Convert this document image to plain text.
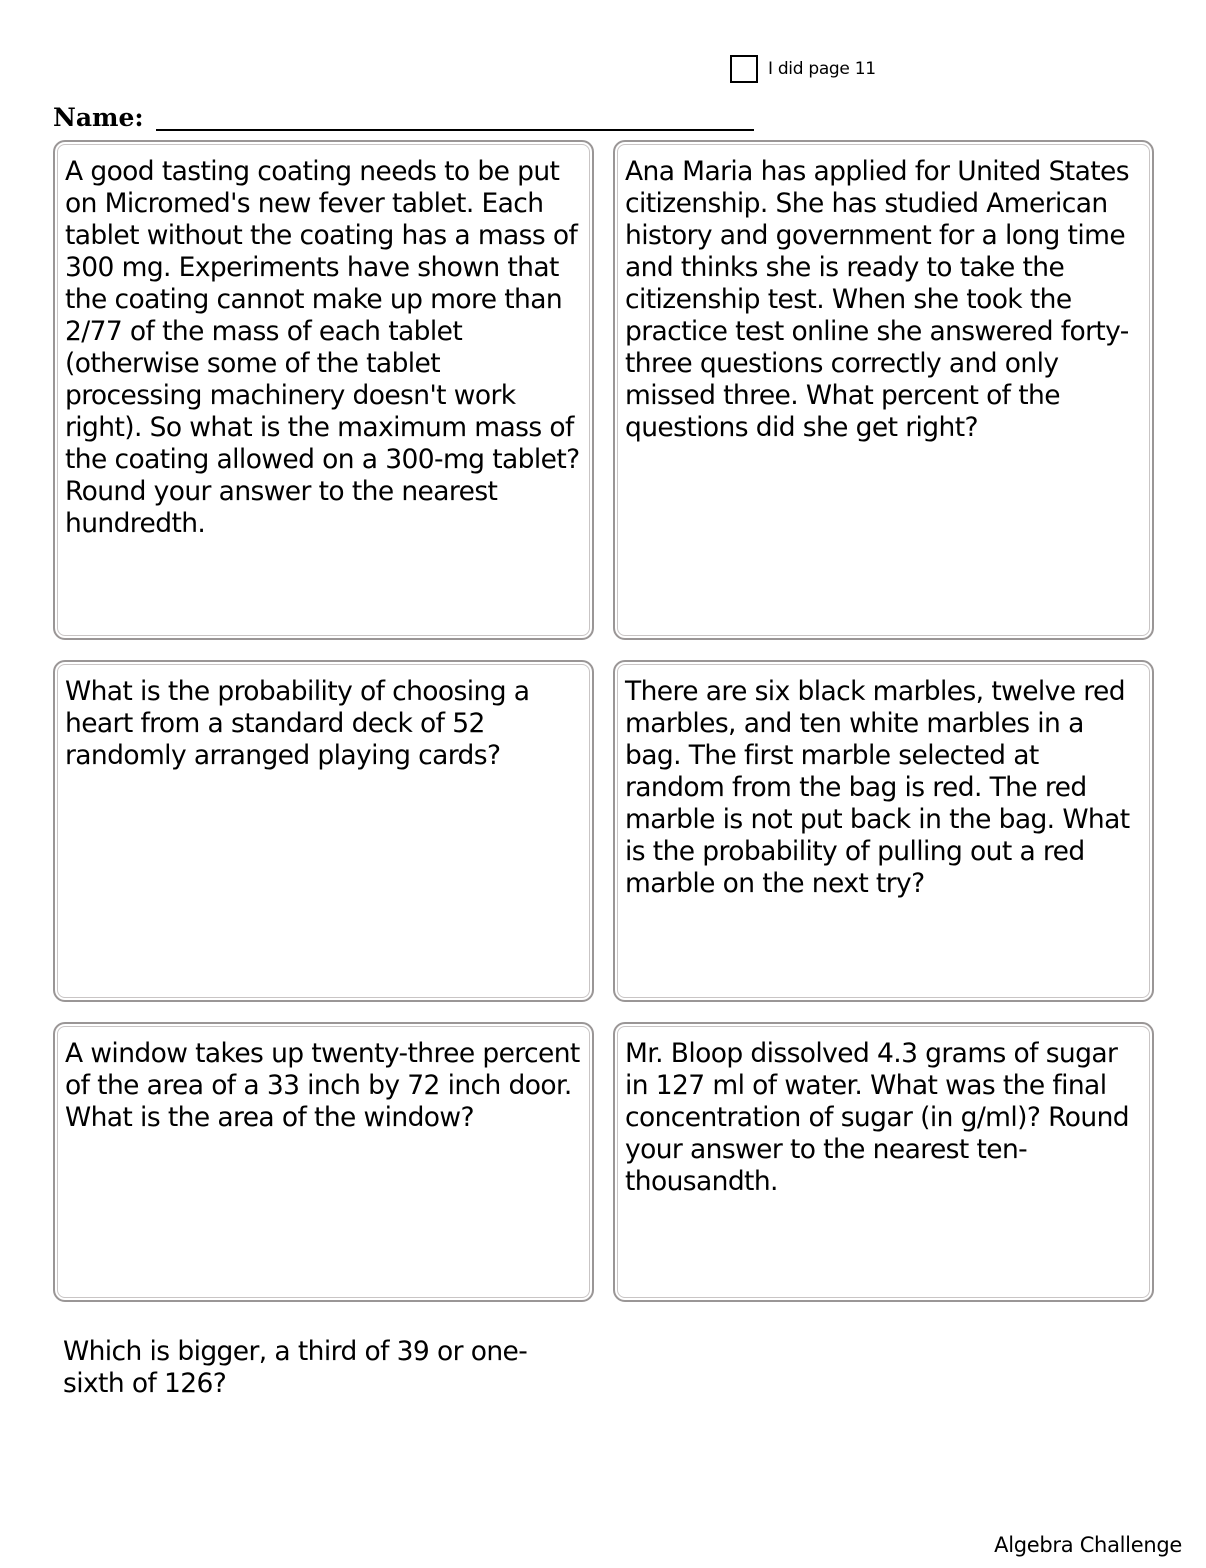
I did page 11
Name:

A good tasting coating needs to be put on Micromed's new fever tablet. Each tablet without the coating has a mass of 300 mg. Experiments have shown that the coating cannot make up more than 2/77 of the mass of each tablet (otherwise some of the tablet processing machinery doesn't work right). So what is the maximum mass of the coating allowed on a 300-mg tablet? Round your answer to the nearest hundredth.

Ana Maria has applied for United States citizenship. She has studied American history and government for a long time and thinks she is ready to take the citizenship test. When she took the practice test online she answered forty-three questions correctly and only missed three. What percent of the questions did she get right?

What is the probability of choosing a heart from a standard deck of 52 randomly arranged playing cards?

There are six black marbles, twelve red marbles, and ten white marbles in a bag. The first marble selected at random from the bag is red. The red marble is not put back in the bag. What is the probability of pulling out a red marble on the next try?

A window takes up twenty-three percent of the area of a 33 inch by 72 inch door. What is the area of the window?

Mr. Bloop dissolved 4.3 grams of sugar in 127 ml of water. What was the final concentration of sugar (in g/ml)? Round your answer to the nearest ten-thousandth.

Which is bigger, a third of 39 or one-sixth of 126?

Algebra Challenge
